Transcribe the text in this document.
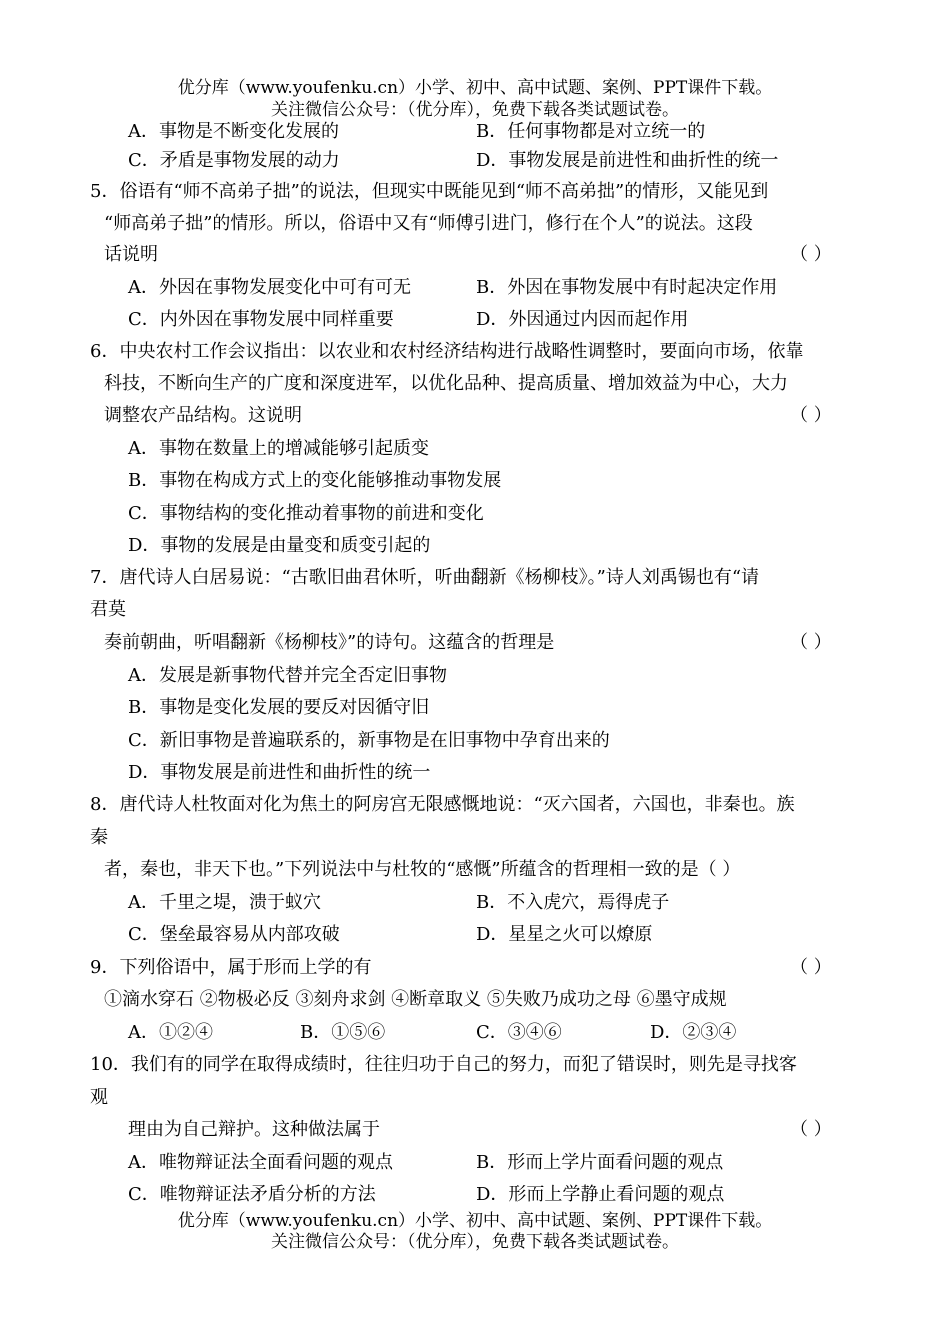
优分库（www.youfenku.cn）小学、初中、高中试题、案例、PPT课件下载。
关注微信公众号：（优分库），免费下载各类试题试卷。
A．事物是不断变化发展的	B．任何事物都是对立统一的
C．矛盾是事物发展的动力	D．事物发展是前进性和曲折性的统一
5．俗语有“师不高弟子拙”的说法，但现实中既能见到“师不高弟拙”的情形，又能见到
“师高弟子拙”的情形。所以，俗语中又有“师傅引进门，修行在个人”的说法。这段
话说明	（ ）
A．外因在事物发展变化中可有可无	B．外因在事物发展中有时起决定作用
C．内外因在事物发展中同样重要	D．外因通过内因而起作用
6．中央农村工作会议指出：以农业和农村经济结构进行战略性调整时，要面向市场，依靠
科技，不断向生产的广度和深度进军，以优化品种、提高质量、增加效益为中心，大力
调整农产品结构。这说明	（ ）
A．事物在数量上的增减能够引起质变
B．事物在构成方式上的变化能够推动事物发展
C．事物结构的变化推动着事物的前进和变化
D．事物的发展是由量变和质变引起的
7．唐代诗人白居易说：“古歌旧曲君休听，听曲翻新《杨柳枝》。”诗人刘禹锡也有“请
君莫
奏前朝曲，听唱翻新《杨柳枝》”的诗句。这蕴含的哲理是	（ ）
A．发展是新事物代替并完全否定旧事物
B．事物是变化发展的要反对因循守旧
C．新旧事物是普遍联系的，新事物是在旧事物中孕育出来的
D．事物发展是前进性和曲折性的统一
8．唐代诗人杜牧面对化为焦土的阿房宫无限感慨地说：“灭六国者，六国也，非秦也。族
秦
者，秦也，非天下也。”下列说法中与杜牧的“感慨”所蕴含的哲理相一致的是（ ）
A．千里之堤，溃于蚁穴	B．不入虎穴，焉得虎子
C．堡垒最容易从内部攻破	D．星星之火可以燎原
9．下列俗语中，属于形而上学的有	（ ）
①滴水穿石 ②物极必反 ③刻舟求剑 ④断章取义 ⑤失败乃成功之母 ⑥墨守成规
A．①②④	B．①⑤⑥	C．③④⑥	D．②③④
10．我们有的同学在取得成绩时，往往归功于自己的努力，而犯了错误时，则先是寻找客
观
理由为自己辩护。这种做法属于	（ ）
A．唯物辩证法全面看问题的观点	B．形而上学片面看问题的观点
C．唯物辩证法矛盾分析的方法	D．形而上学静止看问题的观点
优分库（www.youfenku.cn）小学、初中、高中试题、案例、PPT课件下载。
关注微信公众号：（优分库），免费下载各类试题试卷。
